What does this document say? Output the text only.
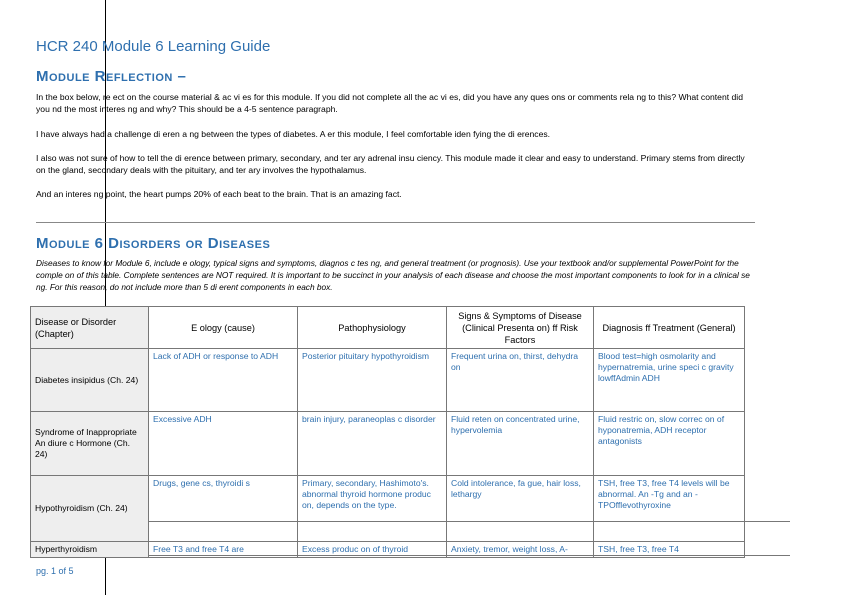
HCR 240 Module 6 Learning Guide
Module Reflection –
In the box below, re ect on the course material & ac vi es for this module. If you did not complete all the ac vi es, did you have any ques ons or comments rela ng to this? What content did you nd the most interes ng and why? This should be a 4-5 sentence paragraph.
I have always had a challenge di eren a ng between the types of diabetes. A er this module, I feel comfortable iden fying the di erences.
I also was not sure of how to tell the di erence between primary, secondary, and ter ary adrenal insu ciency. This module made it clear and easy to understand. Primary stems from directly on the gland, secondary deals with the pituitary, and ter ary involves the hypothalamus.
And an interes ng point, the heart pumps 20% of each beat to the brain. That is an amazing fact.
Module 6 Disorders or Diseases
Diseases to know for Module 6, include e ology, typical signs and symptoms, diagnos c tes ng, and general treatment (or prognosis). Use your textbook and/or supplemental PowerPoint for the comple on of this table. Complete sentences are NOT required. It is important to be succinct in your analysis of each disease and choose the most important components to look for in a clinical se ng. For this reason, do not include more than 5 di erent components in each box.
Disease or Disorder (Chapter)	E ology (cause)	Pathophysiology	Signs & Symptoms of Disease (Clinical Presenta on) ff Risk Factors	Diagnosis ff Treatment (General)
Diabetes insipidus (Ch. 24)	Lack of ADH or response to ADH	Posterior pituitary hypothyroidism	Frequent urina on, thirst, dehydra on	Blood test=high osmolarity and hypernatremia, urine speci c gravity lowffAdmin ADH
Syndrome of Inappropriate An diure c Hormone (Ch. 24)	Excessive ADH	brain injury, paraneoplas c disorder	Fluid reten on concentrated urine, hypervolemia	Fluid restric on, slow correc on of hyponatremia, ADH receptor antagonists
Hypothyroidism (Ch. 24)	Drugs, gene cs, thyroidi s	Primary, secondary, Hashimoto's. abnormal thyroid hormone produc on, depends on the type.	Cold intolerance, fa gue, hair loss, lethargy	TSH, free T3, free T4 levels will be abnormal. An -Tg and an -TPOfflevothyroxine
Hyperthyroidism	Free T3 and free T4 are	Excess produc on of thyroid	Anxiety, tremor, weight loss, A-	TSH, free T3, free T4
pg. 1 of 5
